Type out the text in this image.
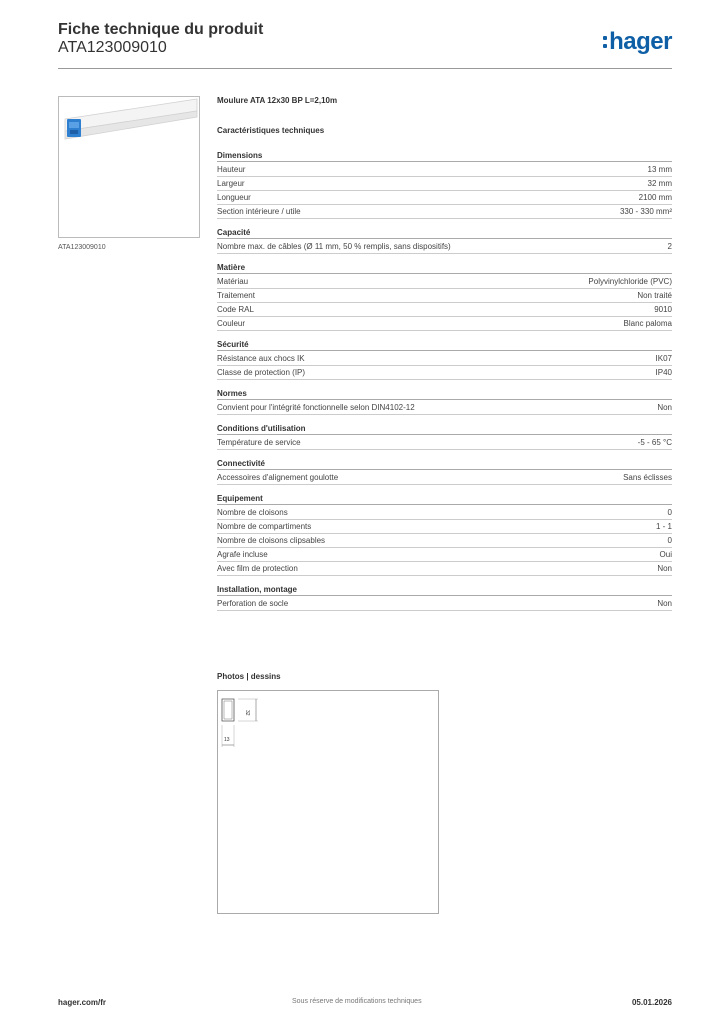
Fiche technique du produit
ATA123009010	hager
ATA123009010
Moulure ATA 12x30 BP L=2,10m
Caractéristiques techniques
Dimensions
Hauteur	13 mm
Largeur	32 mm
Longueur	2100 mm
Section intérieure / utile	330 - 330 mm²
Capacité
Nombre max. de câbles (Ø 11 mm, 50 % remplis, sans dispositifs)	2
Matière
Matériau	Polyvinylchloride (PVC)
Traitement	Non traité
Code RAL	9010
Couleur	Blanc paloma
Sécurité
Résistance aux chocs IK	IK07
Classe de protection (IP)	IP40
Normes
Convient pour l'intégrité fonctionnelle selon DIN4102-12	Non
Conditions d'utilisation
Température de service	-5 - 65 °C
Connectivité
Accessoires d'alignement goulotte	Sans éclisses
Equipement
Nombre de cloisons	0
Nombre de compartiments	1 - 1
Nombre de cloisons clipsables	0
Agrafe incluse	Oui
Avec film de protection	Non
Installation, montage
Perforation de socle	Non
Photos | dessins
32
13
hager.com/fr	Sous réserve de modifications techniques	05.01.2026
